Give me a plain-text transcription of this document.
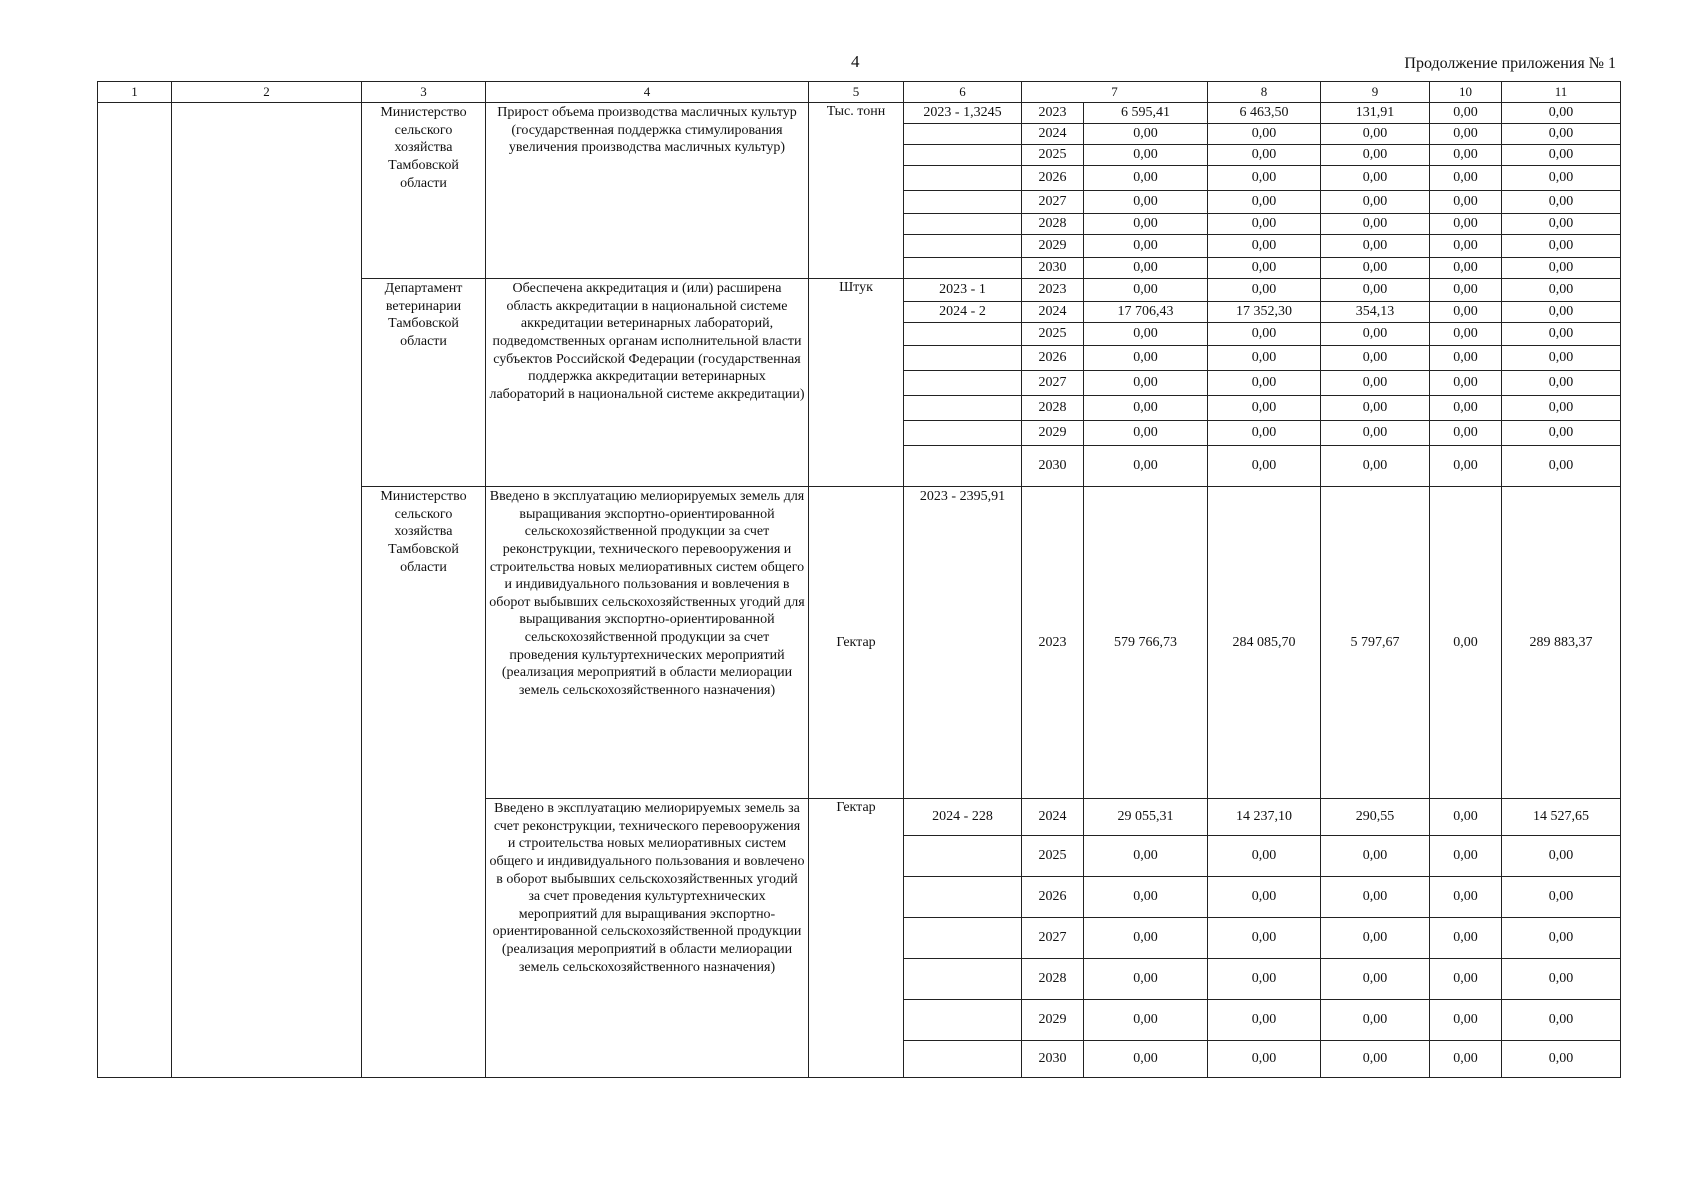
4	Продолжение приложения № 1
1	2	3	4	5	6	7		8	9	10	11
		Министерство сельского хозяйства Тамбовской области	Прирост объема производства масличных культур (государственная поддержка стимулирования увеличения производства масличных культур)	Тыс. тонн	2023 - 1,3245	2023	6 595,41	6 463,50	131,91	0,00	0,00
						2024	0,00	0,00	0,00	0,00	0,00
						2025	0,00	0,00	0,00	0,00	0,00
						2026	0,00	0,00	0,00	0,00	0,00
						2027	0,00	0,00	0,00	0,00	0,00
						2028	0,00	0,00	0,00	0,00	0,00
						2029	0,00	0,00	0,00	0,00	0,00
						2030	0,00	0,00	0,00	0,00	0,00
		Департамент ветеринарии Тамбовской области	Обеспечена аккредитация и (или) расширена область аккредитации в национальной системе аккредитации ветеринарных лабораторий, подведомственных органам исполнительной власти субъектов Российской Федерации (государственная поддержка аккредитации ветеринарных лабораторий в национальной системе аккредитации)	Штук	2023 - 1	2023	0,00	0,00	0,00	0,00	0,00
					2024 - 2	2024	17 706,43	17 352,30	354,13	0,00	0,00
						2025	0,00	0,00	0,00	0,00	0,00
						2026	0,00	0,00	0,00	0,00	0,00
						2027	0,00	0,00	0,00	0,00	0,00
						2028	0,00	0,00	0,00	0,00	0,00
						2029	0,00	0,00	0,00	0,00	0,00
						2030	0,00	0,00	0,00	0,00	0,00
		Министерство сельского хозяйства Тамбовской области	Введено в эксплуатацию мелиорируемых земель для выращивания экспортно-ориентированной сельскохозяйственной продукции за счет реконструкции, технического перевооружения и строительства новых мелиоративных систем общего и индивидуального пользования и вовлечения в оборот выбывших сельскохозяйственных угодий для выращивания экспортно-ориентированной сельскохозяйственной продукции за счет проведения культуртехнических мероприятий (реализация мероприятий в области мелиорации земель сельскохозяйственного назначения)	Гектар	2023 - 2395,91	2023	579 766,73	284 085,70	5 797,67	0,00	289 883,37
			Введено в эксплуатацию мелиорируемых земель за счет реконструкции, технического перевооружения и строительства новых мелиоративных систем общего и индивидуального пользования и вовлечено в оборот выбывших сельскохозяйственных угодий за счет проведения культуртехнических мероприятий для выращивания экспортно-ориентированной сельскохозяйственной продукции (реализация мероприятий в области мелиорации земель сельскохозяйственного назначения)	Гектар	2024 - 228	2024	29 055,31	14 237,10	290,55	0,00	14 527,65
						2025	0,00	0,00	0,00	0,00	0,00
						2026	0,00	0,00	0,00	0,00	0,00
						2027	0,00	0,00	0,00	0,00	0,00
						2028	0,00	0,00	0,00	0,00	0,00
						2029	0,00	0,00	0,00	0,00	0,00
						2030	0,00	0,00	0,00	0,00	0,00
